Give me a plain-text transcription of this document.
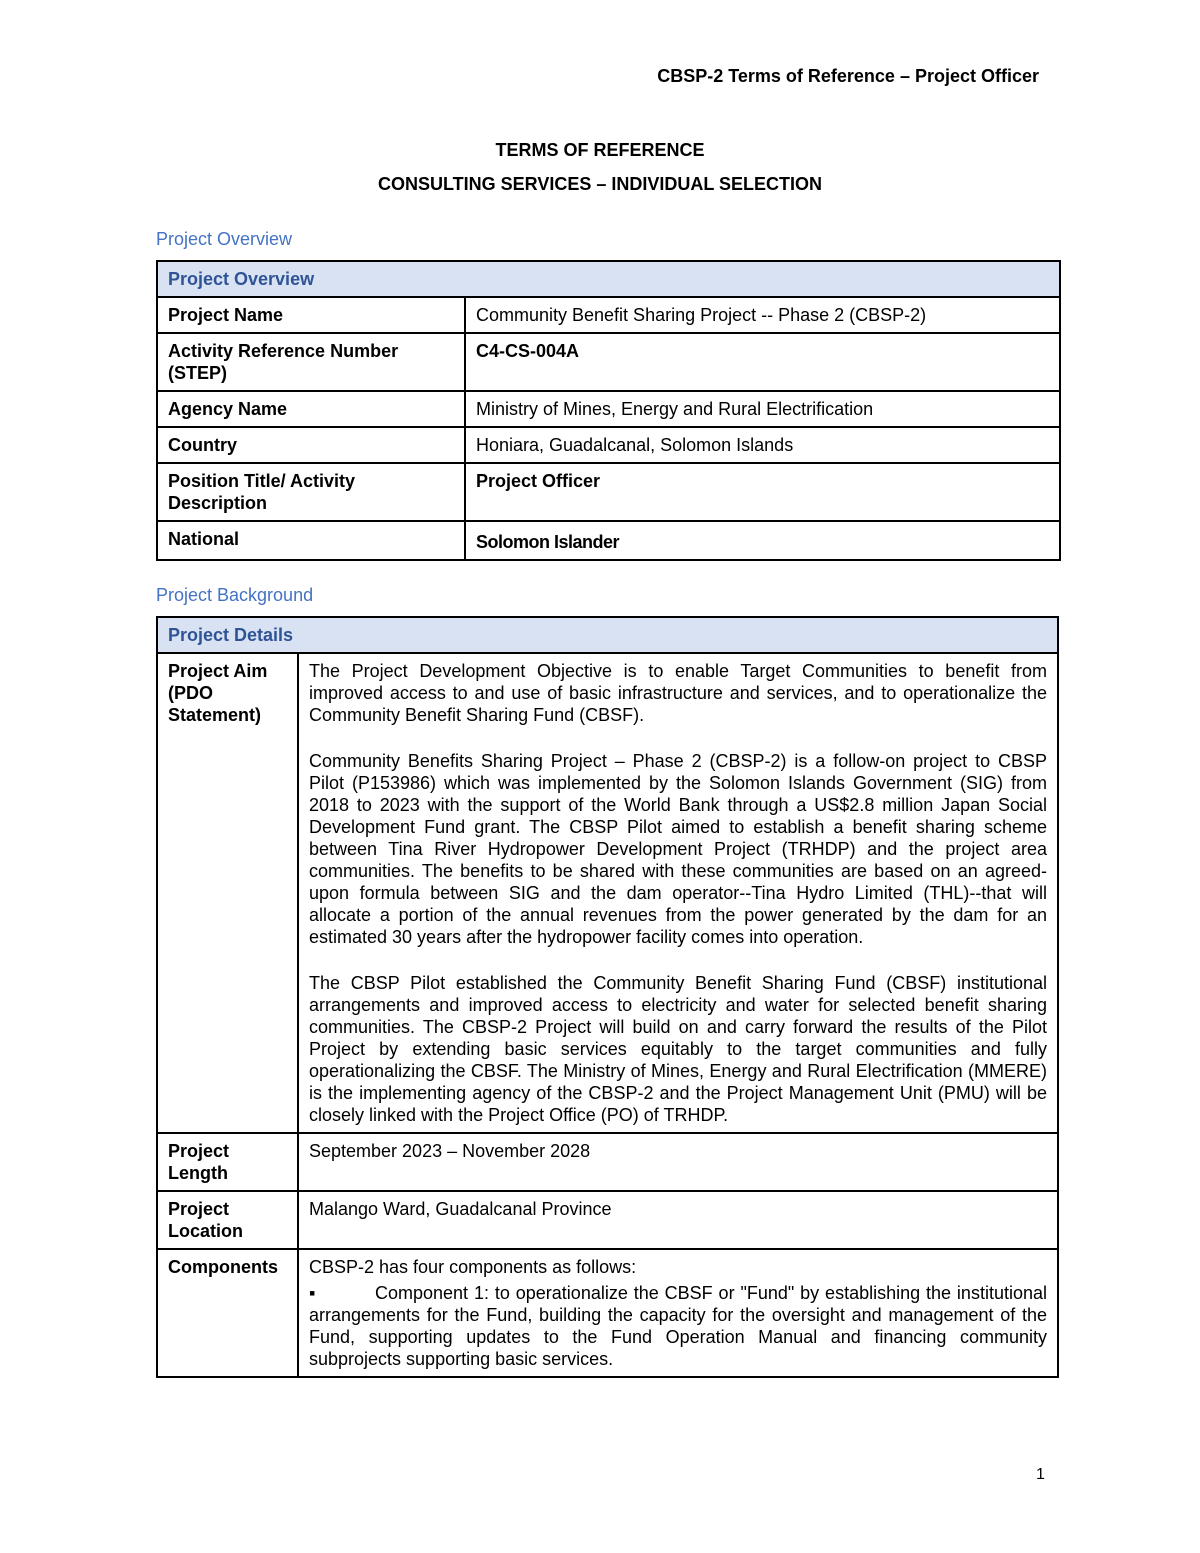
CBSP-2 Terms of Reference – Project Officer
TERMS OF REFERENCE
CONSULTING SERVICES – INDIVIDUAL SELECTION
Project Overview
Project Overview	
Project Name	Community Benefit Sharing Project -- Phase 2 (CBSP-2)
Activity Reference Number (STEP)	C4-CS-004A
Agency Name	Ministry of Mines, Energy and Rural Electrification
Country	Honiara, Guadalcanal, Solomon Islands
Position Title/ Activity Description	Project Officer
National	Solomon Islander
Project Background
Project Details	
Project Aim (PDO Statement)	The Project Development Objective is to enable Target Communities to benefit from improved access to and use of basic infrastructure and services, and to operationalize the Community Benefit Sharing Fund (CBSF).
Community Benefits Sharing Project – Phase 2 (CBSP-2) is a follow-on project to CBSP Pilot (P153986) which was implemented by the Solomon Islands Government (SIG) from 2018 to 2023 with the support of the World Bank through a US$2.8 million Japan Social Development Fund grant. The CBSP Pilot aimed to establish a benefit sharing scheme between Tina River Hydropower Development Project (TRHDP) and the project area communities. The benefits to be shared with these communities are based on an agreed-upon formula between SIG and the dam operator--Tina Hydro Limited (THL)--that will allocate a portion of the annual revenues from the power generated by the dam for an estimated 30 years after the hydropower facility comes into operation.
The CBSP Pilot established the Community Benefit Sharing Fund (CBSF) institutional arrangements and improved access to electricity and water for selected benefit sharing communities. The CBSP-2 Project will build on and carry forward the results of the Pilot Project by extending basic services equitably to the target communities and fully operationalizing the CBSF. The Ministry of Mines, Energy and Rural Electrification (MMERE) is the implementing agency of the CBSP-2 and the Project Management Unit (PMU) will be closely linked with the Project Office (PO) of TRHDP.

Project Length	September 2023 – November 2028
Project Location	Malango Ward, Guadalcanal Province
Components	CBSP-2 has four components as follows:
▪ Component 1: to operationalize the CBSF or "Fund" by establishing the institutional arrangements for the Fund, building the capacity for the oversight and management of the Fund, supporting updates to the Fund Operation Manual and financing community subprojects supporting basic services.
1
